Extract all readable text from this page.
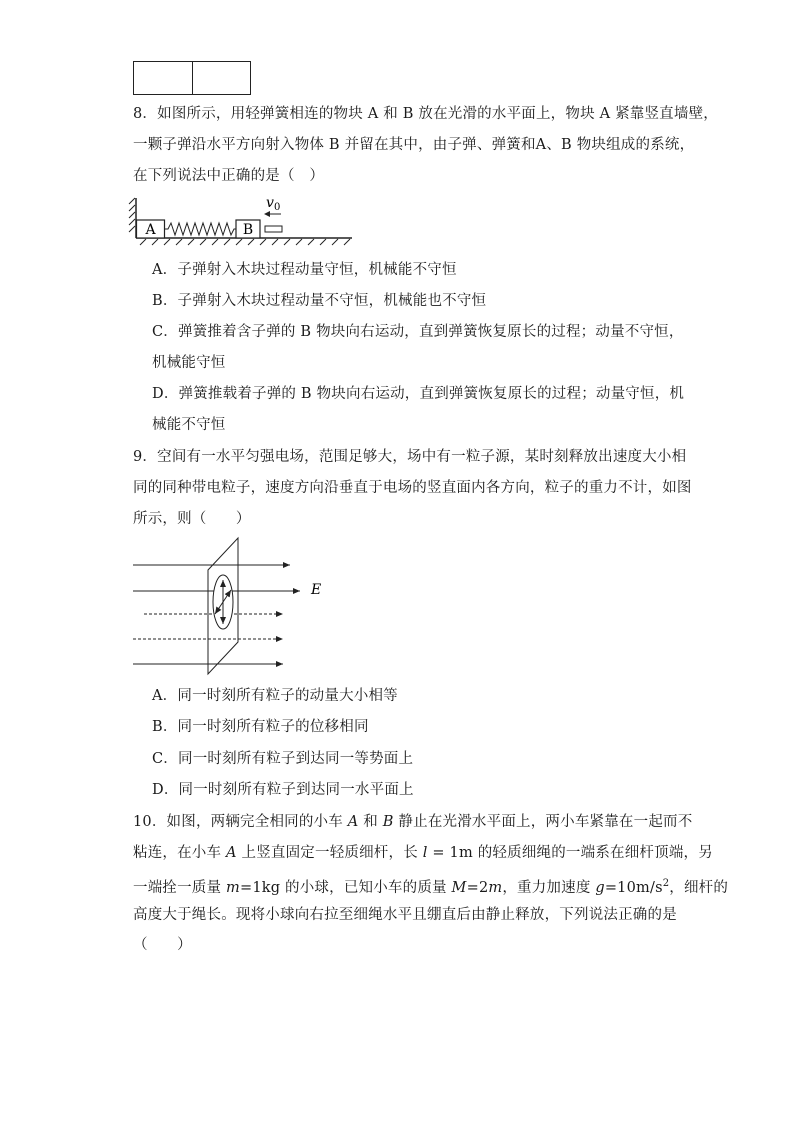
8．如图所示，用轻弹簧相连的物块 A 和 B 放在光滑的水平面上，物块 A 紧靠竖直墙壁，
一颗子弹沿水平方向射入物体 B 并留在其中，由子弹、弹簧和A、B 物块组成的系统，
在下列说法中正确的是（　）
A	B
v 0
A．子弹射入木块过程动量守恒，机械能不守恒
B．子弹射入木块过程动量不守恒，机械能也不守恒
C．弹簧推着含子弹的 B 物块向右运动，直到弹簧恢复原长的过程；动量不守恒，
机械能守恒
D．弹簧推载着子弹的 B 物块向右运动，直到弹簧恢复原长的过程；动量守恒，机
械能不守恒
9．空间有一水平匀强电场，范围足够大，场中有一粒子源，某时刻释放出速度大小相
同的同种带电粒子，速度方向沿垂直于电场的竖直面内各方向，粒子的重力不计，如图
所示，则（　　）
E
A．同一时刻所有粒子的动量大小相等
B．同一时刻所有粒子的位移相同
C．同一时刻所有粒子到达同一等势面上
D．同一时刻所有粒子到达同一水平面上
10．如图，两辆完全相同的小车 A 和 B 静止在光滑水平面上，两小车紧靠在一起而不
粘连，在小车 A 上竖直固定一轻质细杆，长 l = 1m 的轻质细绳的一端系在细杆顶端，另
一端拴一质量 m=1kg 的小球，已知小车的质量 M=2m，重力加速度 $g=10m/s^2$，细杆的
高度大于绳长。现将小球向右拉至细绳水平且绷直后由静止释放，下列说法正确的是
（　　）
